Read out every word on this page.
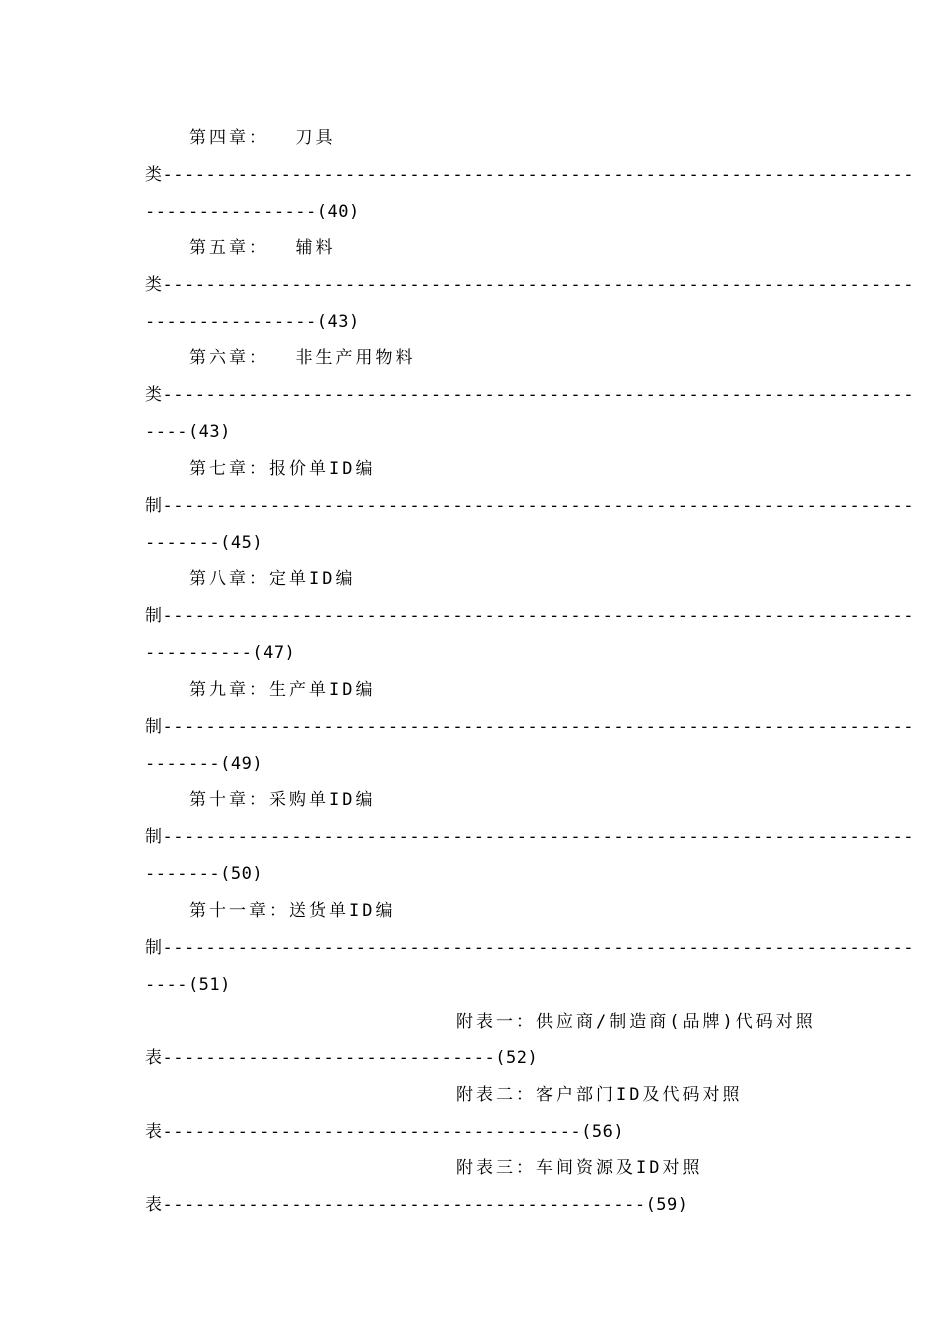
第四章：  刀具
类----------------------------------------------------------------------
----------------(40)
第五章：  辅料
类----------------------------------------------------------------------
----------------(43)
第六章：  非生产用物料
类----------------------------------------------------------------------
----(43)
第七章：报价单ID编
制----------------------------------------------------------------------
-------(45)
第八章：定单ID编
制----------------------------------------------------------------------
----------(47)
第九章：生产单ID编
制----------------------------------------------------------------------
-------(49)
第十章：采购单ID编
制----------------------------------------------------------------------
-------(50)
第十一章：送货单ID编
制----------------------------------------------------------------------
----(51)
附表一：供应商/制造商(品牌)代码对照
表-------------------------------(52)
附表二：客户部门ID及代码对照
表---------------------------------------(56)
附表三：车间资源及ID对照
表---------------------------------------------(59)
